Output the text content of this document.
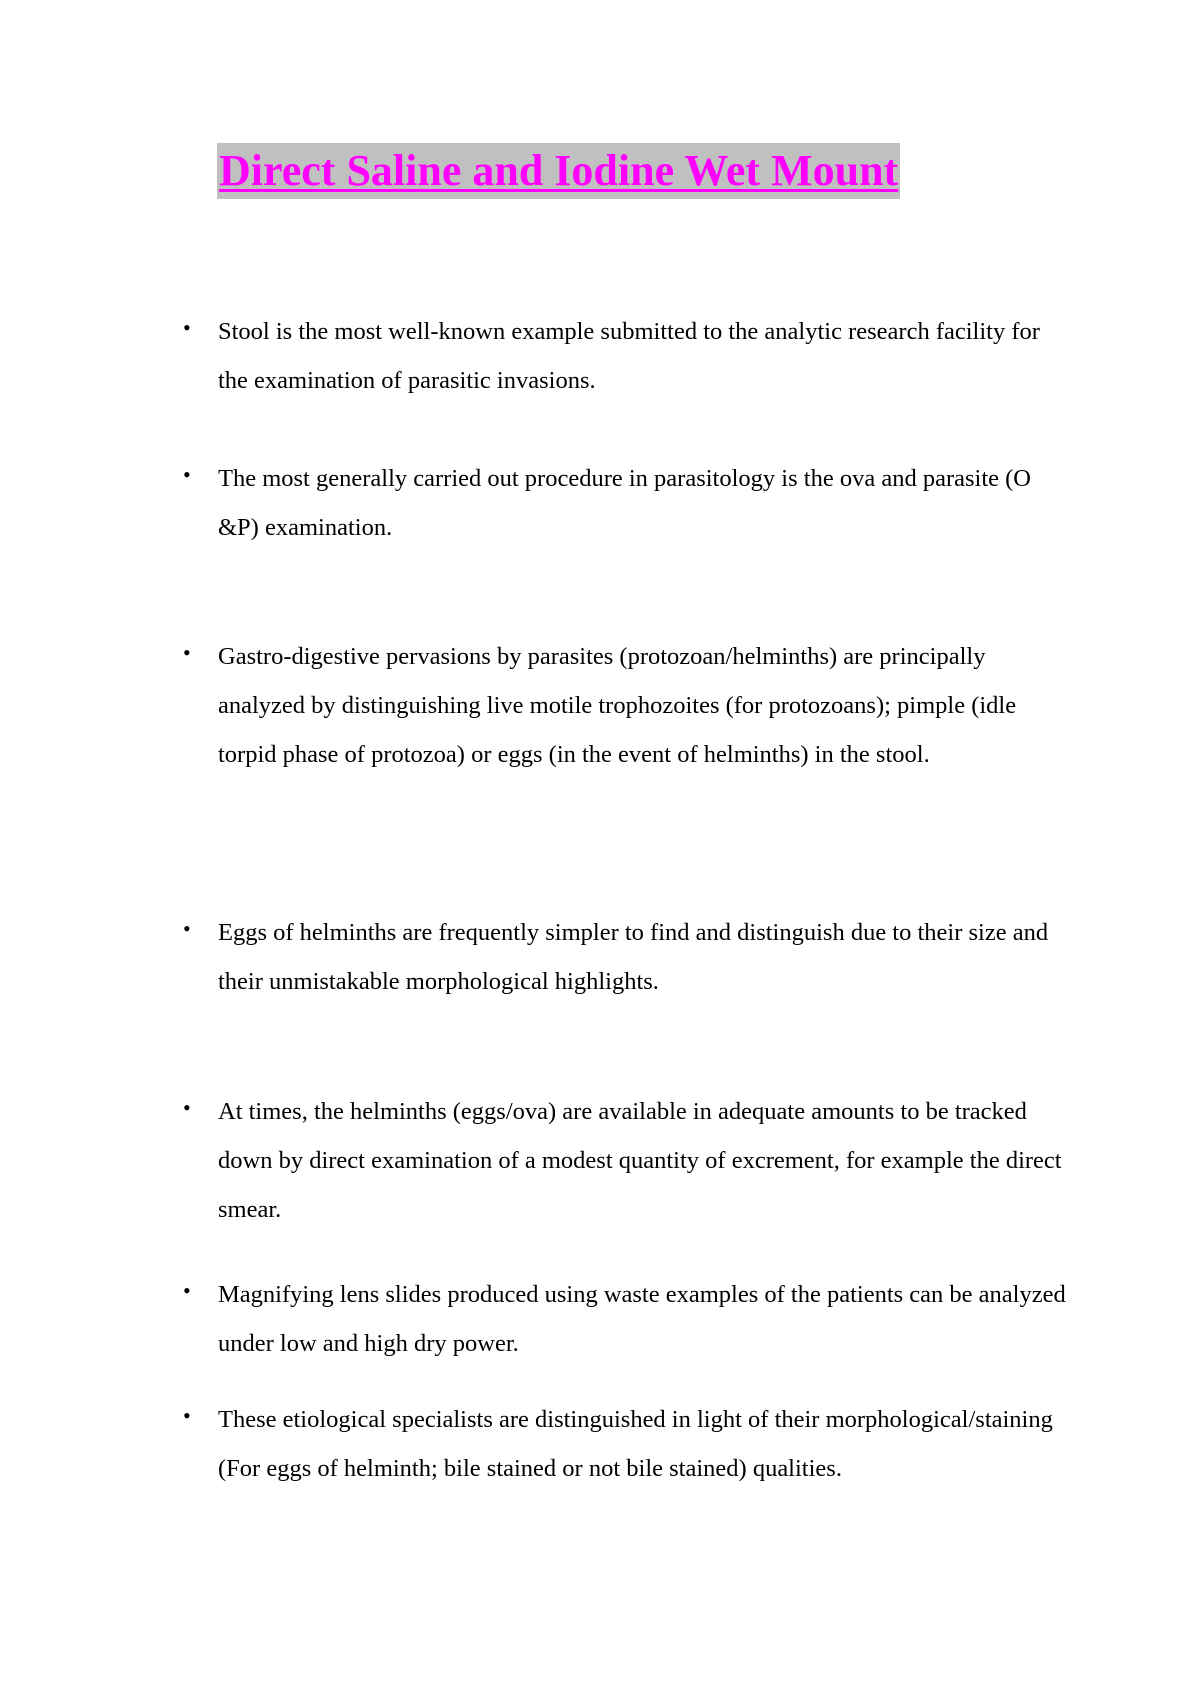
Direct Saline and Iodine Wet Mount
• Stool is the most well-known example submitted to the analytic research facility for the examination of parasitic invasions.

• The most generally carried out procedure in parasitology is the ova and parasite (O &P) examination.

• Gastro-digestive pervasions by parasites (protozoan/helminths) are principally analyzed by distinguishing live motile trophozoites (for protozoans); pimple (idle torpid phase of protozoa) or eggs (in the event of helminths) in the stool.

• Eggs of helminths are frequently simpler to find and distinguish due to their size and their unmistakable morphological highlights.

• At times, the helminths (eggs/ova) are available in adequate amounts to be tracked down by direct examination of a modest quantity of excrement, for example the direct smear.

• Magnifying lens slides produced using waste examples of the patients can be analyzed under low and high dry power.

• These etiological specialists are distinguished in light of their morphological/staining (For eggs of helminth; bile stained or not bile stained) qualities.
